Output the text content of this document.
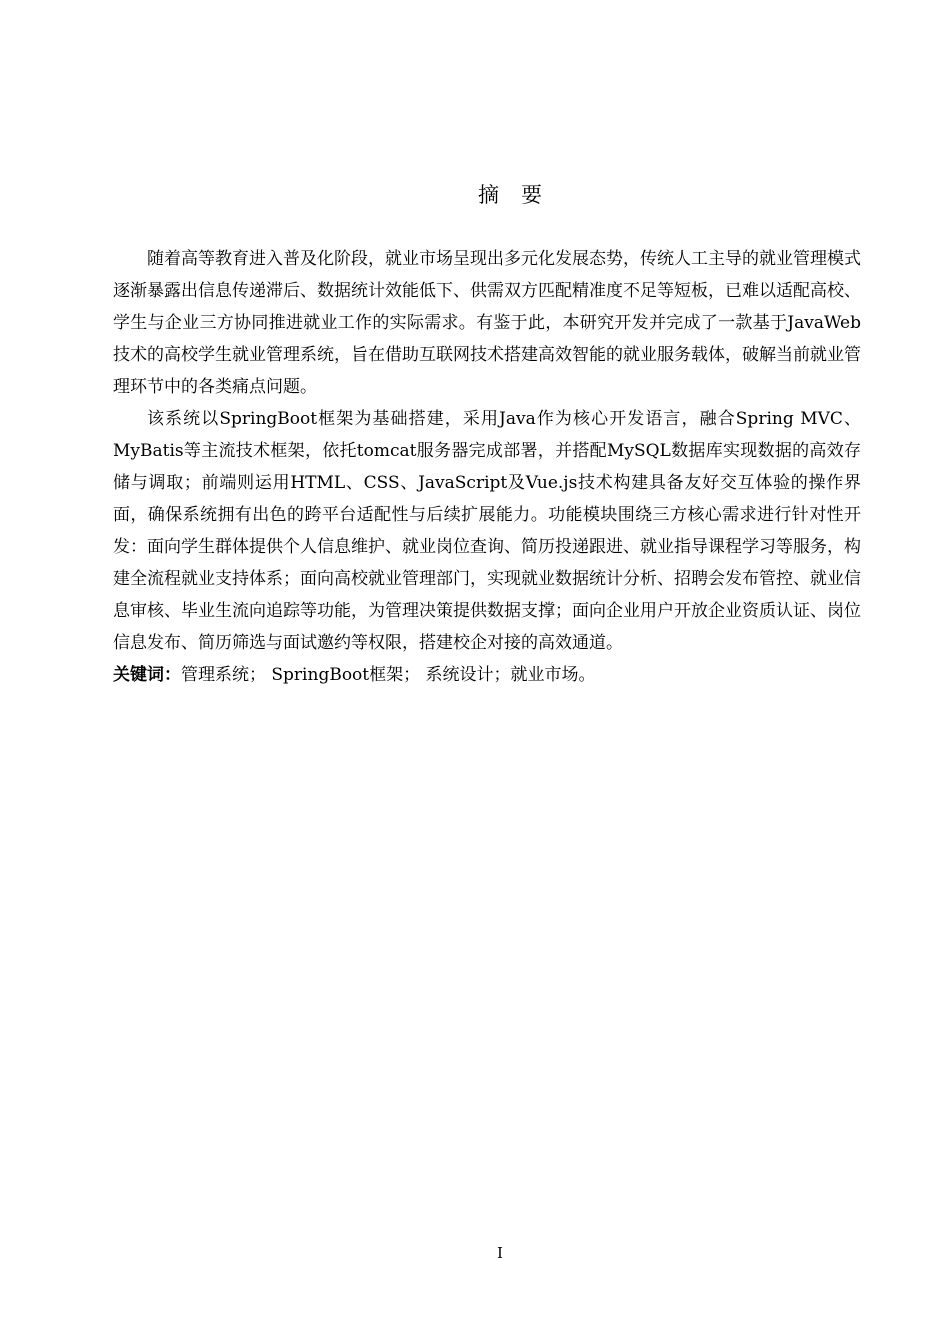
摘 要

随着高等教育进入普及化阶段，就业市场呈现出多元化发展态势，传统人工主导的就业管理模式逐渐暴露出信息传递滞后、数据统计效能低下、供需双方匹配精准度不足等短板，已难以适配高校、学生与企业三方协同推进就业工作的实际需求。有鉴于此，本研究开发并完成了一款基于JavaWeb技术的高校学生就业管理系统，旨在借助互联网技术搭建高效智能的就业服务载体，破解当前就业管理环节中的各类痛点问题。

该系统以SpringBoot框架为基础搭建，采用Java作为核心开发语言，融合Spring MVC、MyBatis等主流技术框架，依托tomcat服务器完成部署，并搭配MySQL数据库实现数据的高效存储与调取；前端则运用HTML、CSS、JavaScript及Vue.js技术构建具备友好交互体验的操作界面，确保系统拥有出色的跨平台适配性与后续扩展能力。功能模块围绕三方核心需求进行针对性开发：面向学生群体提供个人信息维护、就业岗位查询、简历投递跟进、就业指导课程学习等服务，构建全流程就业支持体系；面向高校就业管理部门，实现就业数据统计分析、招聘会发布管控、就业信息审核、毕业生流向追踪等功能，为管理决策提供数据支撑；面向企业用户开放企业资质认证、岗位信息发布、简历筛选与面试邀约等权限，搭建校企对接的高效通道。

关键词：管理系统； SpringBoot框架； 系统设计；就业市场。

I
